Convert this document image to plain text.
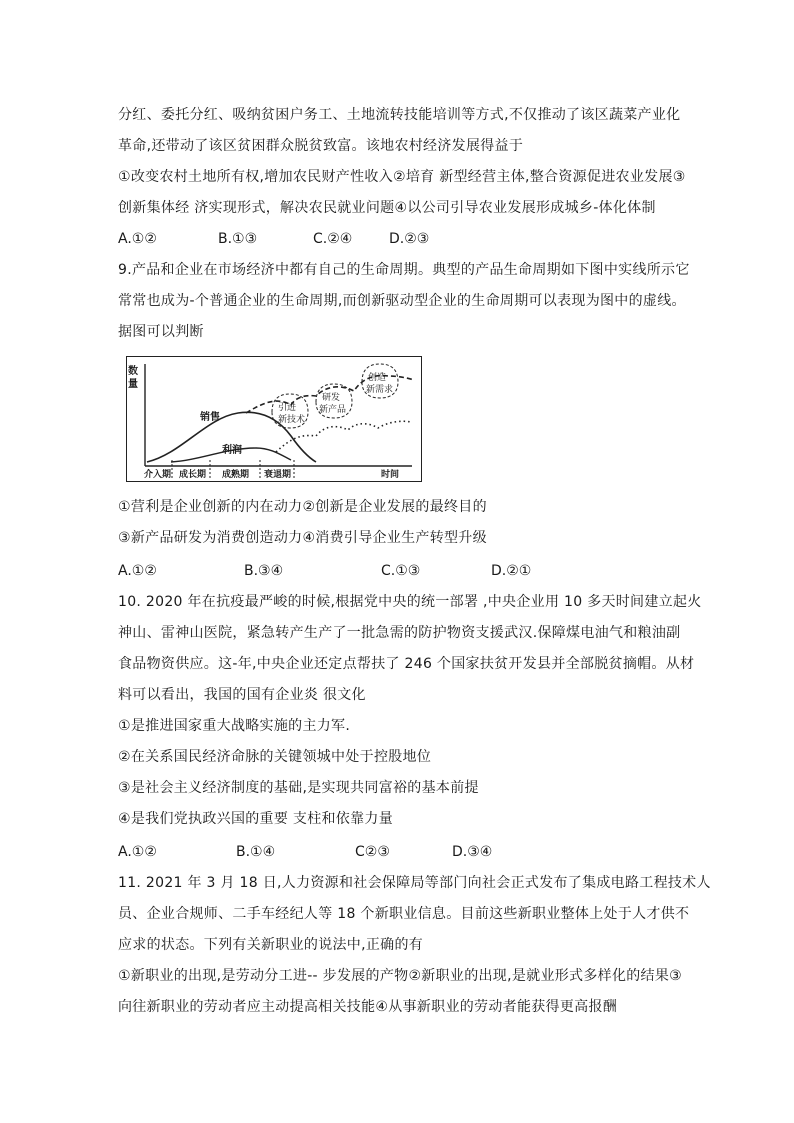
分红、委托分红、吸纳贫困户务工、土地流转技能培训等方式,不仅推动了该区蔬菜产业化
革命,还带动了该区贫困群众脱贫致富。该地农村经济发展得益于
①改变农村土地所有权,增加农民财产性收入②培育 新型经营主体,整合资源促进农业发展③
创新集体经 济实现形式，解决农民就业问题④以公司引导农业发展形成城乡-体化体制
A.①②	B.①③	C.②④	D.②③
9.产品和企业在市场经济中都有自己的生命周期。典型的产品生命周期如下图中实线所示它
常常也成为-个普通企业的生命周期,而创新驱动型企业的生命周期可以表现为图中的虚线。
据图可以判断
数
量
销售
利润
引进
新技术
研发
新产品
创造
新需求
介入期 成长期 成熟期 衰退期	时间
①营利是企业创新的内在动力②创新是企业发展的最终目的
③新产品研发为消费创造动力④消费引导企业生产转型升级
A.①②	B.③④	C.①③	D.②①
10. 2020 年在抗疫最严峻的时候,根据党中央的统一部署 ,中央企业用 10 多天时间建立起火
神山、雷神山医院，紧急转产生产了一批急需的防护物资支援武汉.保障煤电油气和粮油副
食品物资供应。这-年,中央企业还定点帮扶了 246 个国家扶贫开发县并全部脱贫摘帽。从材
料可以看出，我国的国有企业炎 很文化
①是推进国家重大战略实施的主力军.
②在关系国民经济命脉的关键领城中处于控股地位
③是社会主义经济制度的基础,是实现共同富裕的基本前提
④是我们党执政兴国的重要 支柱和依靠力量
A.①②	B.①④	C②③	D.③④
11. 2021 年 3 月 18 日,人力资源和社会保障局等部门向社会正式发布了集成电路工程技术人
员、企业合规师、二手车经纪人等 18 个新职业信息。目前这些新职业整体上处于人才供不
应求的状态。下列有关新职业的说法中,正确的有
①新职业的出现,是劳动分工进-- 步发展的产物②新职业的出现,是就业形式多样化的结果③
向往新职业的劳动者应主动提高相关技能④从事新职业的劳动者能获得更高报酬
